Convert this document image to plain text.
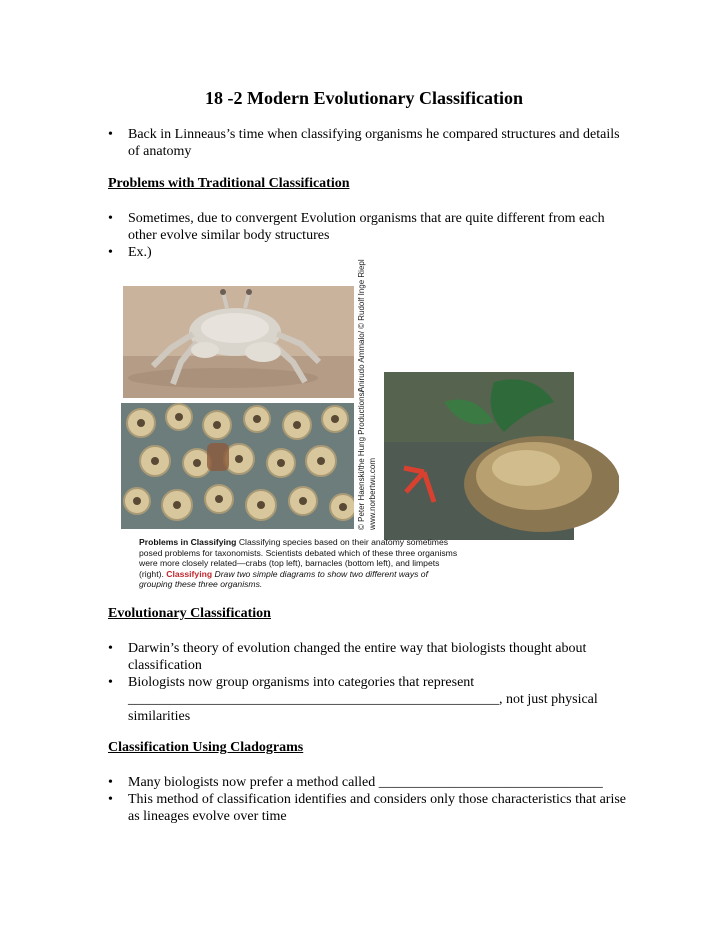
18 -2 Modern Evolutionary Classification
• Back in Linneaus’s time when classifying organisms he compared structures and details of anatomy

Problems with Traditional Classification

• Sometimes, due to convergent Evolution organisms that are quite different from each other evolve similar body structures
• Ex.)
Anirudo Ammalo/ © Rudolf Inge Riepl
© Peter Haenski/the Hung Productions/ www.norbertwu.com
Problems in Classifying Classifying species based on their anatomy sometimes posed problems for taxonomists. Scientists debated which of these three organisms were more closely related—crabs (top left), barnacles (bottom left), and limpets (right). Classifying Draw two simple diagrams to show two different ways of grouping these three organisms.

Evolutionary Classification

• Darwin’s theory of evolution changed the entire way that biologists thought about classification
• Biologists now group organisms into categories that represent
_____________________________________________________, not just physical similarities

Classification Using Cladograms

• Many biologists now prefer a method called ________________________________
• This method of classification identifies and considers only those characteristics that arise as lineages evolve over time
